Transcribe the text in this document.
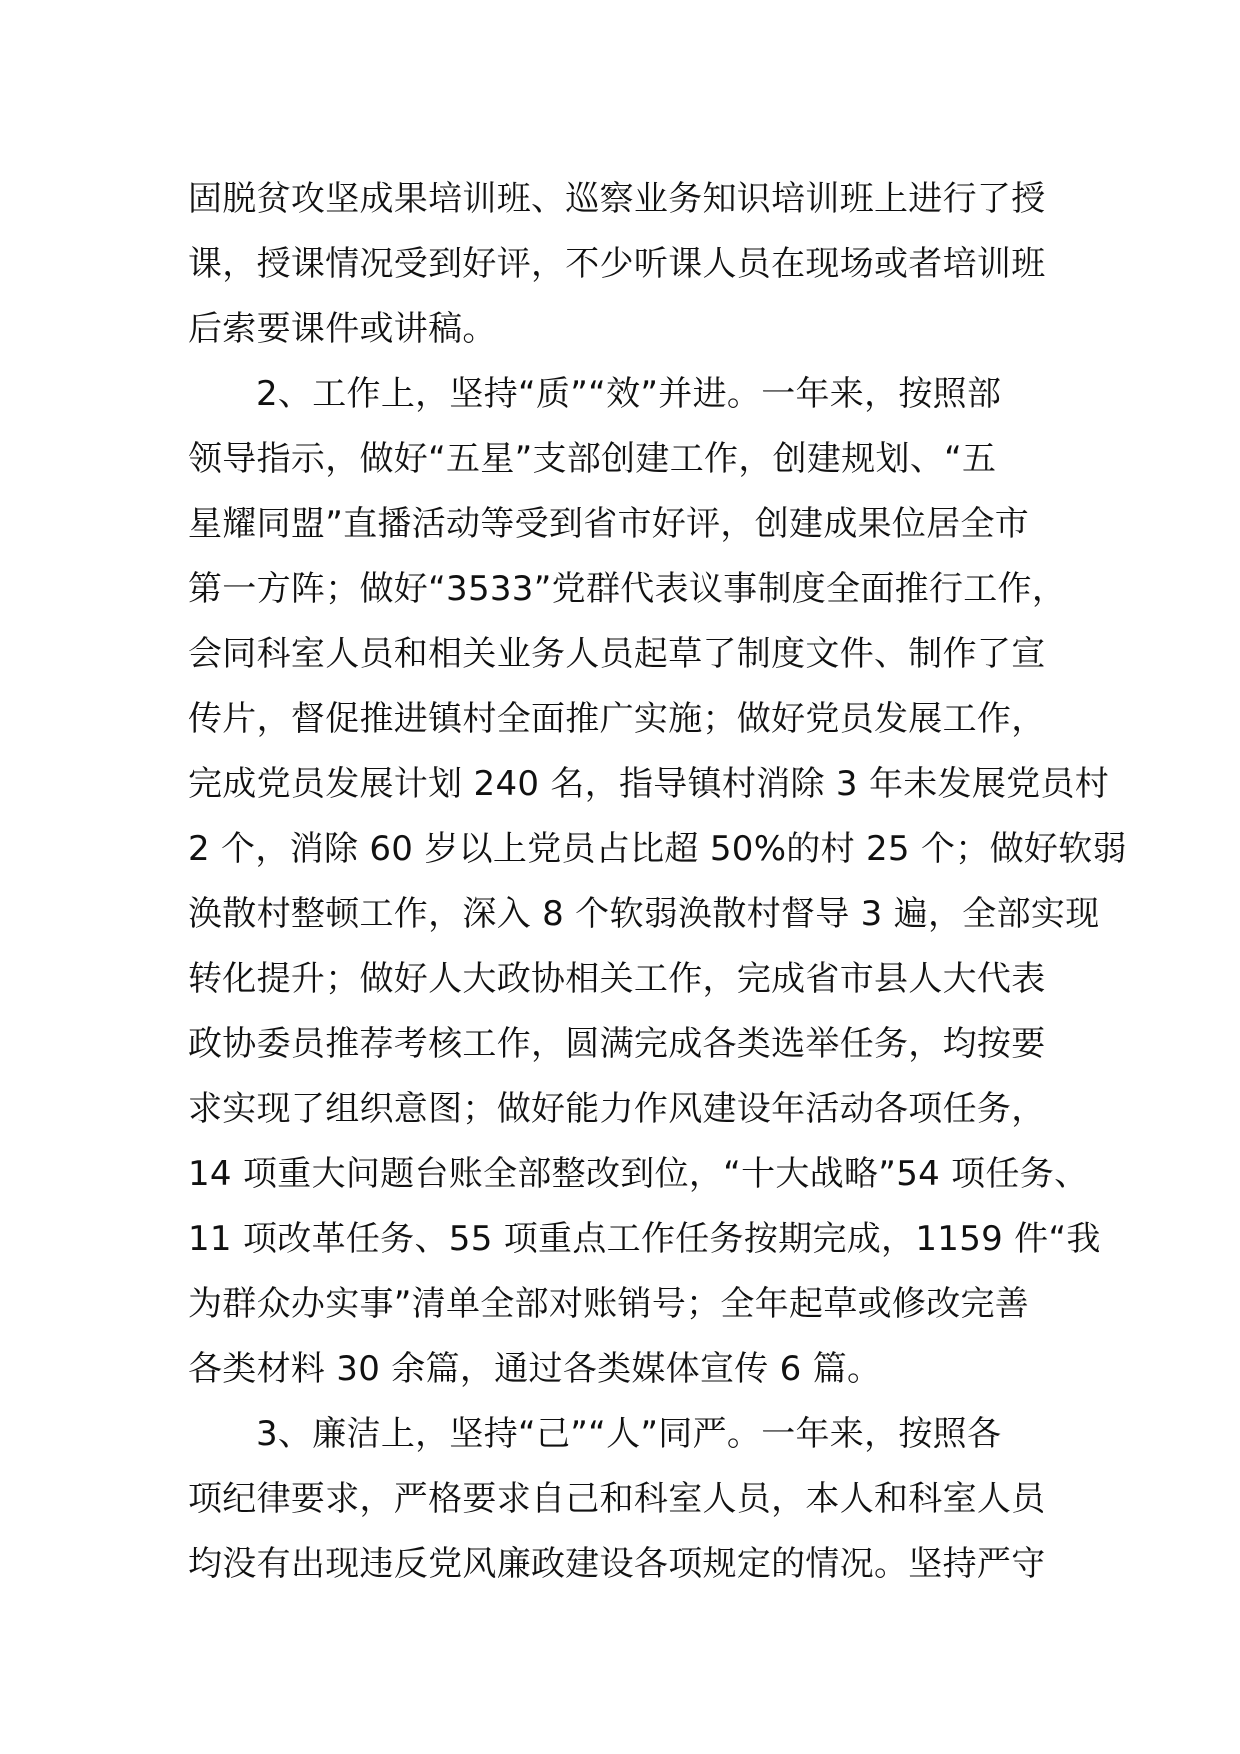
固脱贫攻坚成果培训班、巡察业务知识培训班上进行了授
课，授课情况受到好评，不少听课人员在现场或者培训班
后索要课件或讲稿。
2、工作上，坚持“质”“效”并进。一年来，按照部
领导指示，做好“五星”支部创建工作，创建规划、“五
星耀同盟”直播活动等受到省市好评，创建成果位居全市
第一方阵；做好“3533”党群代表议事制度全面推行工作，
会同科室人员和相关业务人员起草了制度文件、制作了宣
传片，督促推进镇村全面推广实施；做好党员发展工作，
完成党员发展计划 240 名，指导镇村消除 3 年未发展党员村
2 个，消除 60 岁以上党员占比超 50%的村 25 个；做好软弱
涣散村整顿工作，深入 8 个软弱涣散村督导 3 遍，全部实现
转化提升；做好人大政协相关工作，完成省市县人大代表
政协委员推荐考核工作，圆满完成各类选举任务，均按要
求实现了组织意图；做好能力作风建设年活动各项任务，
14 项重大问题台账全部整改到位，“十大战略”54 项任务、
11 项改革任务、55 项重点工作任务按期完成，1159 件“我
为群众办实事”清单全部对账销号；全年起草或修改完善
各类材料 30 余篇，通过各类媒体宣传 6 篇。
3、廉洁上，坚持“己”“人”同严。一年来，按照各
项纪律要求，严格要求自己和科室人员，本人和科室人员
均没有出现违反党风廉政建设各项规定的情况。坚持严守
